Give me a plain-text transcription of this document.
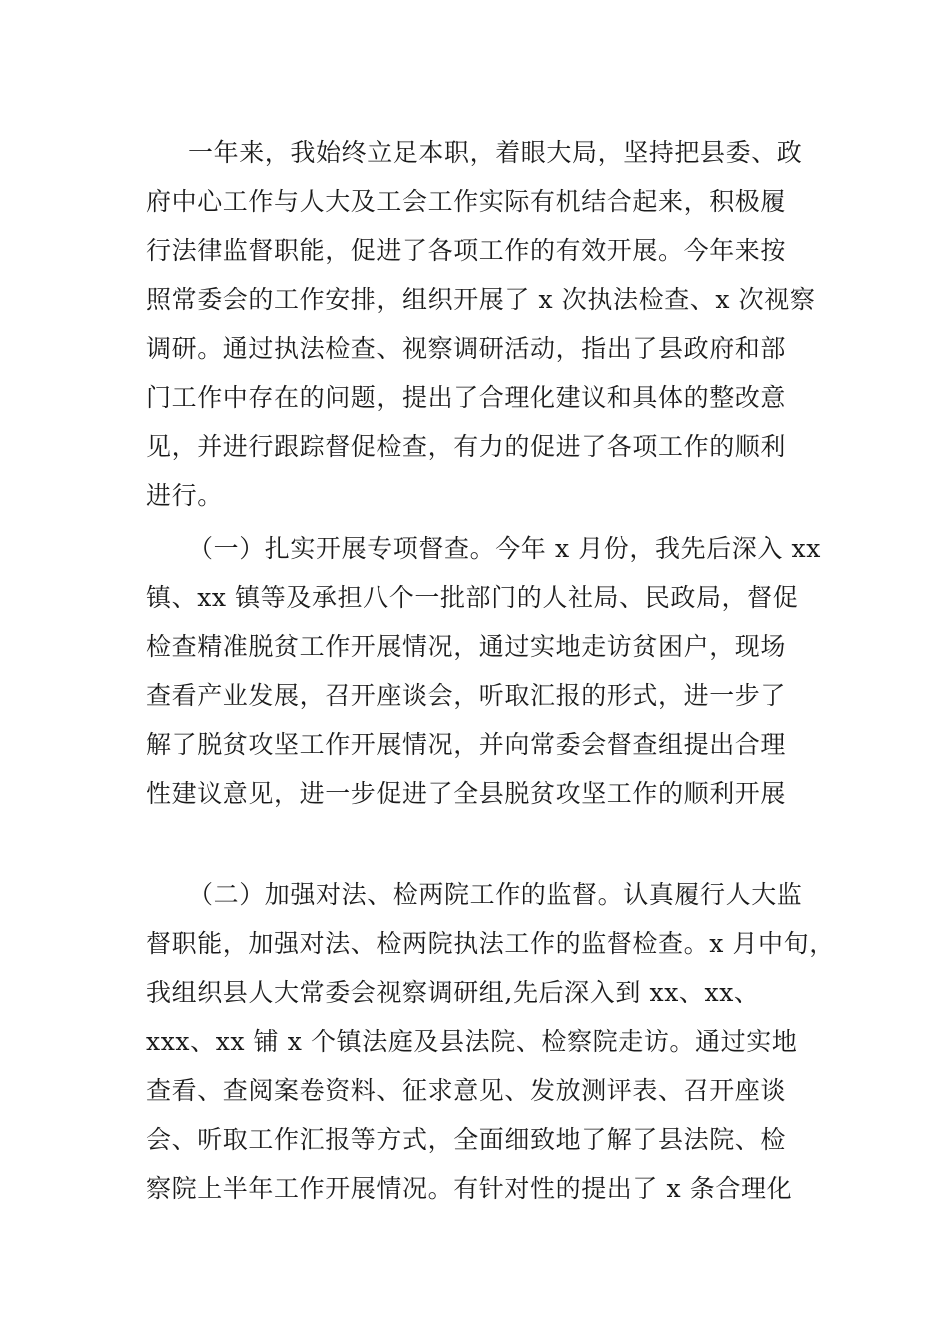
一年来，我始终立足本职，着眼大局，坚持把县委、政
府中心工作与人大及工会工作实际有机结合起来，积极履
行法律监督职能，促进了各项工作的有效开展。今年来按
照常委会的工作安排，组织开展了 x 次执法检查、x 次视察
调研。通过执法检查、视察调研活动，指出了县政府和部
门工作中存在的问题，提出了合理化建议和具体的整改意
见，并进行跟踪督促检查，有力的促进了各项工作的顺利
进行。
（一）扎实开展专项督查。今年 x 月份，我先后深入 xx
镇、xx 镇等及承担八个一批部门的人社局、民政局，督促
检查精准脱贫工作开展情况，通过实地走访贫困户，现场
查看产业发展，召开座谈会，听取汇报的形式，进一步了
解了脱贫攻坚工作开展情况，并向常委会督查组提出合理
性建议意见，进一步促进了全县脱贫攻坚工作的顺利开展
（二）加强对法、检两院工作的监督。认真履行人大监
督职能，加强对法、检两院执法工作的监督检查。x 月中旬，
我组织县人大常委会视察调研组,先后深入到 xx、xx、
xxx、xx 铺 x 个镇法庭及县法院、检察院走访。通过实地
查看、查阅案卷资料、征求意见、发放测评表、召开座谈
会、听取工作汇报等方式，全面细致地了解了县法院、检
察院上半年工作开展情况。有针对性的提出了 x 条合理化
